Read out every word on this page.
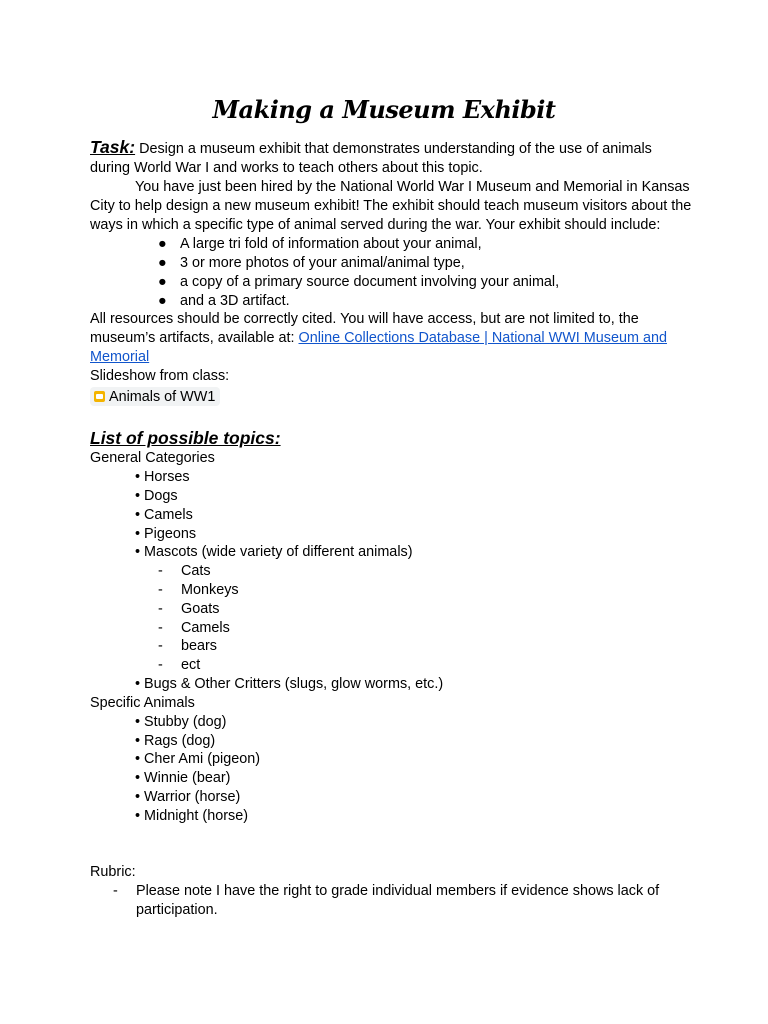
Making a Museum Exhibit
Task: Design a museum exhibit that demonstrates understanding of the use of animals
during World War I and works to teach others about this topic.
You have just been hired by the National World War I Museum and Memorial in Kansas
City to help design a new museum exhibit! The exhibit should teach museum visitors about the
ways in which a specific type of animal served during the war. Your exhibit should include:
● A large tri fold of information about your animal,
● 3 or more photos of your animal/animal type,
● a copy of a primary source document involving your animal,
● and a 3D artifact.
All resources should be correctly cited. You will have access, but are not limited to, the
museum’s artifacts, available at: Online Collections Database | National WWI Museum and
Memorial
Slideshow from class:
Animals of WW1
List of possible topics:
General Categories
• Horses
• Dogs
• Camels
• Pigeons
• Mascots (wide variety of different animals)
- Cats
- Monkeys
- Goats
- Camels
- bears
- ect
• Bugs & Other Critters (slugs, glow worms, etc.)
Specific Animals
• Stubby (dog)
• Rags (dog)
• Cher Ami (pigeon)
• Winnie (bear)
• Warrior (horse)
• Midnight (horse)
Rubric:
- Please note I have the right to grade individual members if evidence shows lack of
participation.
